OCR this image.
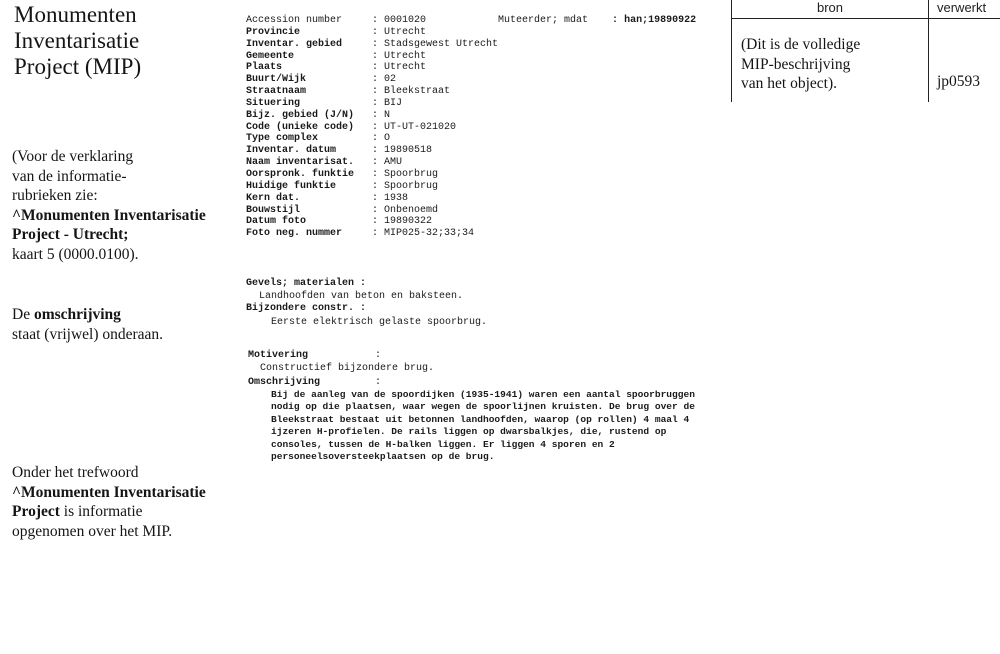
Monumenten
Inventarisatie
Project (MIP)
(Voor de verklaring
van de informatie-
rubrieken zie:
^Monumenten Inventarisatie
Project - Utrecht;
kaart 5 (0000.0100).
De omschrijving
staat (vrijwel) onderaan.
Onder het trefwoord
^Monumenten Inventarisatie
Project is informatie
opgenomen over het MIP.
bron	verwerkt
(Dit is de volledige
MIP-beschrijving
van het object).	jp0593
Muteerder; mdat : han;19890922
Accession number	: 0001020
Provincie	: Utrecht
Inventar. gebied	: Stadsgewest Utrecht
Gemeente	: Utrecht
Plaats	: Utrecht
Buurt/Wijk	: 02
Straatnaam	: Bleekstraat
Situering	: BIJ
Bijz. gebied (J/N) : N
Code (unieke code) : UT-UT-021020
Type complex	: O
Inventar. datum	: 19890518
Naam inventarisat. : AMU
Oorspronk. funktie : Spoorbrug
Huidige funktie	: Spoorbrug
Kern dat.	: 1938
Bouwstijl	: Onbenoemd
Datum foto	: 19890322
Foto neg. nummer	: MIP025-32;33;34
Gevels; materialen :
Landhoofden van beton en baksteen.
Bijzondere constr. :
Eerste elektrisch gelaste spoorbrug.
Motivering	:
Constructief bijzondere brug.
Omschrijving	:
Bij de aanleg van de spoordijken (1935-1941) waren een aantal spoorbruggen
nodig op die plaatsen, waar wegen de spoorlijnen kruisten. De brug over de
Bleekstraat bestaat uit betonnen landhoofden, waarop (op rollen) 4 maal 4
ijzeren H-profielen. De rails liggen op dwarsbalkjes, die, rustend op
consoles, tussen de H-balken liggen. Er liggen 4 sporen en 2
personeelsoversteekplaatsen op de brug.
